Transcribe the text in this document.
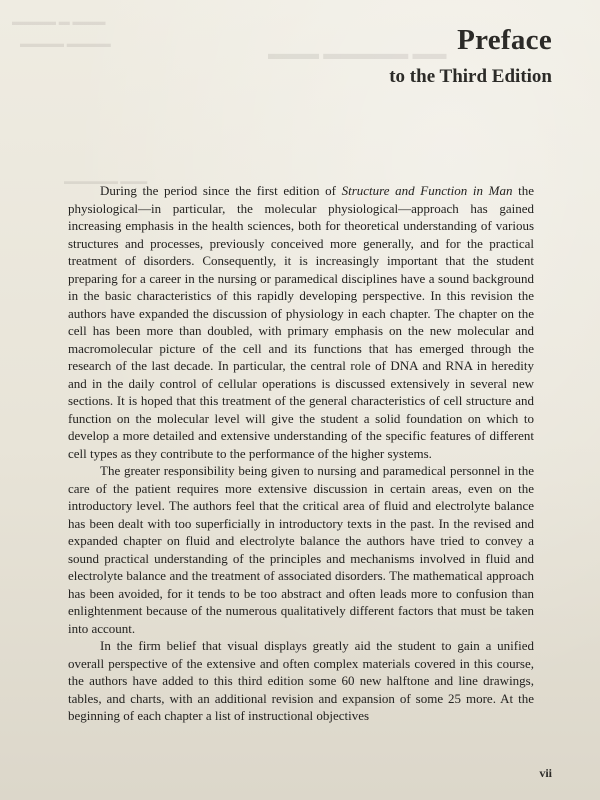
▬▬ ▬▬▬▬▬ ▬▬▬
▬▬▬ ▬ ▬▬▬▬
▬▬▬▬ ▬▬▬▬
▬▬▬ ▬▬▬▬▬▬
Preface
to the Third Edition

During the period since the first edition of Structure and Function in Man the physiological—in particular, the molecular physiological—approach has gained increasing emphasis in the health sciences, both for theoretical understanding of various structures and processes, previously conceived more generally, and for the practical treatment of disorders. Consequently, it is increasingly important that the student preparing for a career in the nursing or paramedical disciplines have a sound background in the basic characteristics of this rapidly developing perspective. In this revision the authors have expanded the discussion of physiology in each chapter. The chapter on the cell has been more than doubled, with primary emphasis on the new molecular and macromolecular picture of the cell and its functions that has emerged through the research of the last decade. In particular, the central role of DNA and RNA in heredity and in the daily control of cellular operations is discussed extensively in several new sections. It is hoped that this treatment of the general characteristics of cell structure and function on the molecular level will give the student a solid foundation on which to develop a more detailed and extensive understanding of the specific features of different cell types as they contribute to the performance of the higher systems.

The greater responsibility being given to nursing and paramedical personnel in the care of the patient requires more extensive discussion in certain areas, even on the introductory level. The authors feel that the critical area of fluid and electrolyte balance has been dealt with too superficially in introductory texts in the past. In the revised and expanded chapter on fluid and electrolyte balance the authors have tried to convey a sound practical understanding of the principles and mechanisms involved in fluid and electrolyte balance and the treatment of associated disorders. The mathematical approach has been avoided, for it tends to be too abstract and often leads more to confusion than enlightenment because of the numerous qualitatively different factors that must be taken into account.

In the firm belief that visual displays greatly aid the student to gain a unified overall perspective of the extensive and often complex materials covered in this course, the authors have added to this third edition some 60 new halftone and line drawings, tables, and charts, with an additional revision and expansion of some 25 more. At the beginning of each chapter a list of instructional objectives

vii
